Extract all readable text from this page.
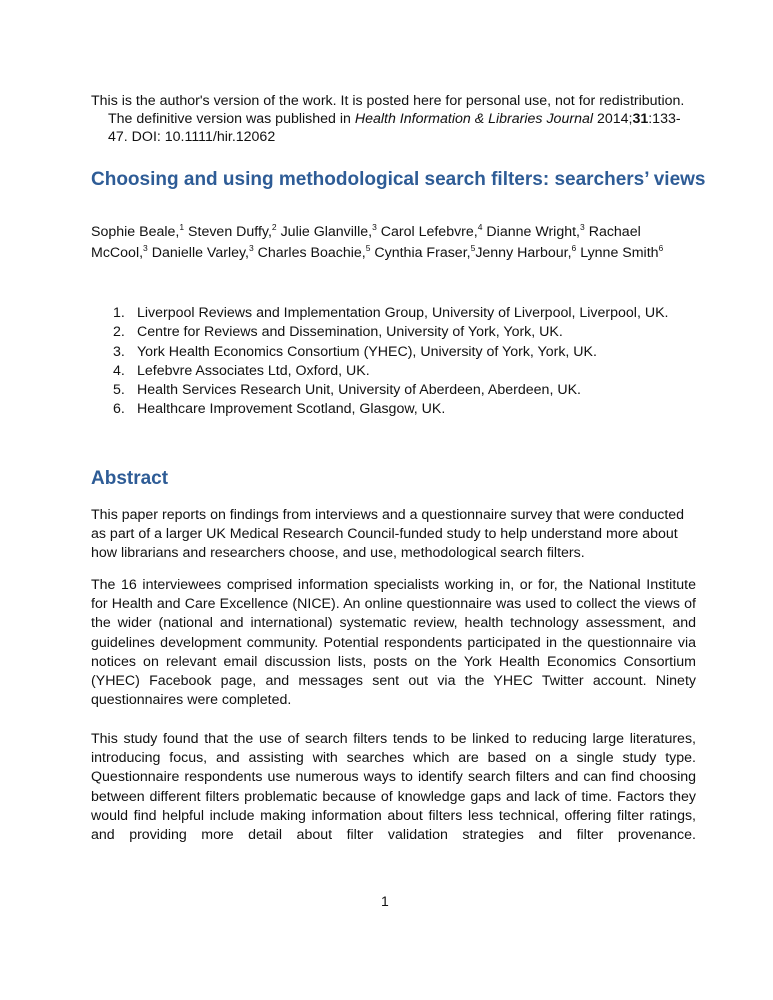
This is the author's version of the work. It is posted here for personal use, not for redistribution.
The definitive version was published in Health Information & Libraries Journal 2014;31:133-
47. DOI: 10.1111/hir.12062
Choosing and using methodological search filters: searchers’ views
Sophie Beale,$^1$ Steven Duffy,$^2$ Julie Glanville,$^3$ Carol Lefebvre,$^4$ Dianne Wright,$^3$ Rachael McCool,$^3$ Danielle Varley,$^3$ Charles Boachie,$^5$ Cynthia Fraser,$^5$Jenny Harbour,$^6$ Lynne Smith$^6$
1. Liverpool Reviews and Implementation Group, University of Liverpool, Liverpool, UK.
2. Centre for Reviews and Dissemination, University of York, York, UK.
3. York Health Economics Consortium (YHEC), University of York, York, UK.
4. Lefebvre Associates Ltd, Oxford, UK.
5. Health Services Research Unit, University of Aberdeen, Aberdeen, UK.
6. Healthcare Improvement Scotland, Glasgow, UK.
Abstract

This paper reports on findings from interviews and a questionnaire survey that were conducted as part of a larger UK Medical Research Council-funded study to help understand more about how librarians and researchers choose, and use, methodological search filters.

The 16 interviewees comprised information specialists working in, or for, the National Institute for Health and Care Excellence (NICE). An online questionnaire was used to collect the views of the wider (national and international) systematic review, health technology assessment, and guidelines development community. Potential respondents participated in the questionnaire via notices on relevant email discussion lists, posts on the York Health Economics Consortium (YHEC) Facebook page, and messages sent out via the YHEC Twitter account. Ninety questionnaires were completed.

This study found that the use of search filters tends to be linked to reducing large literatures, introducing focus, and assisting with searches which are based on a single study type. Questionnaire respondents use numerous ways to identify search filters and can find choosing between different filters problematic because of knowledge gaps and lack of time. Factors they would find helpful include making information about filters less technical, offering filter ratings, and providing more detail about filter validation strategies and filter provenance.

1
